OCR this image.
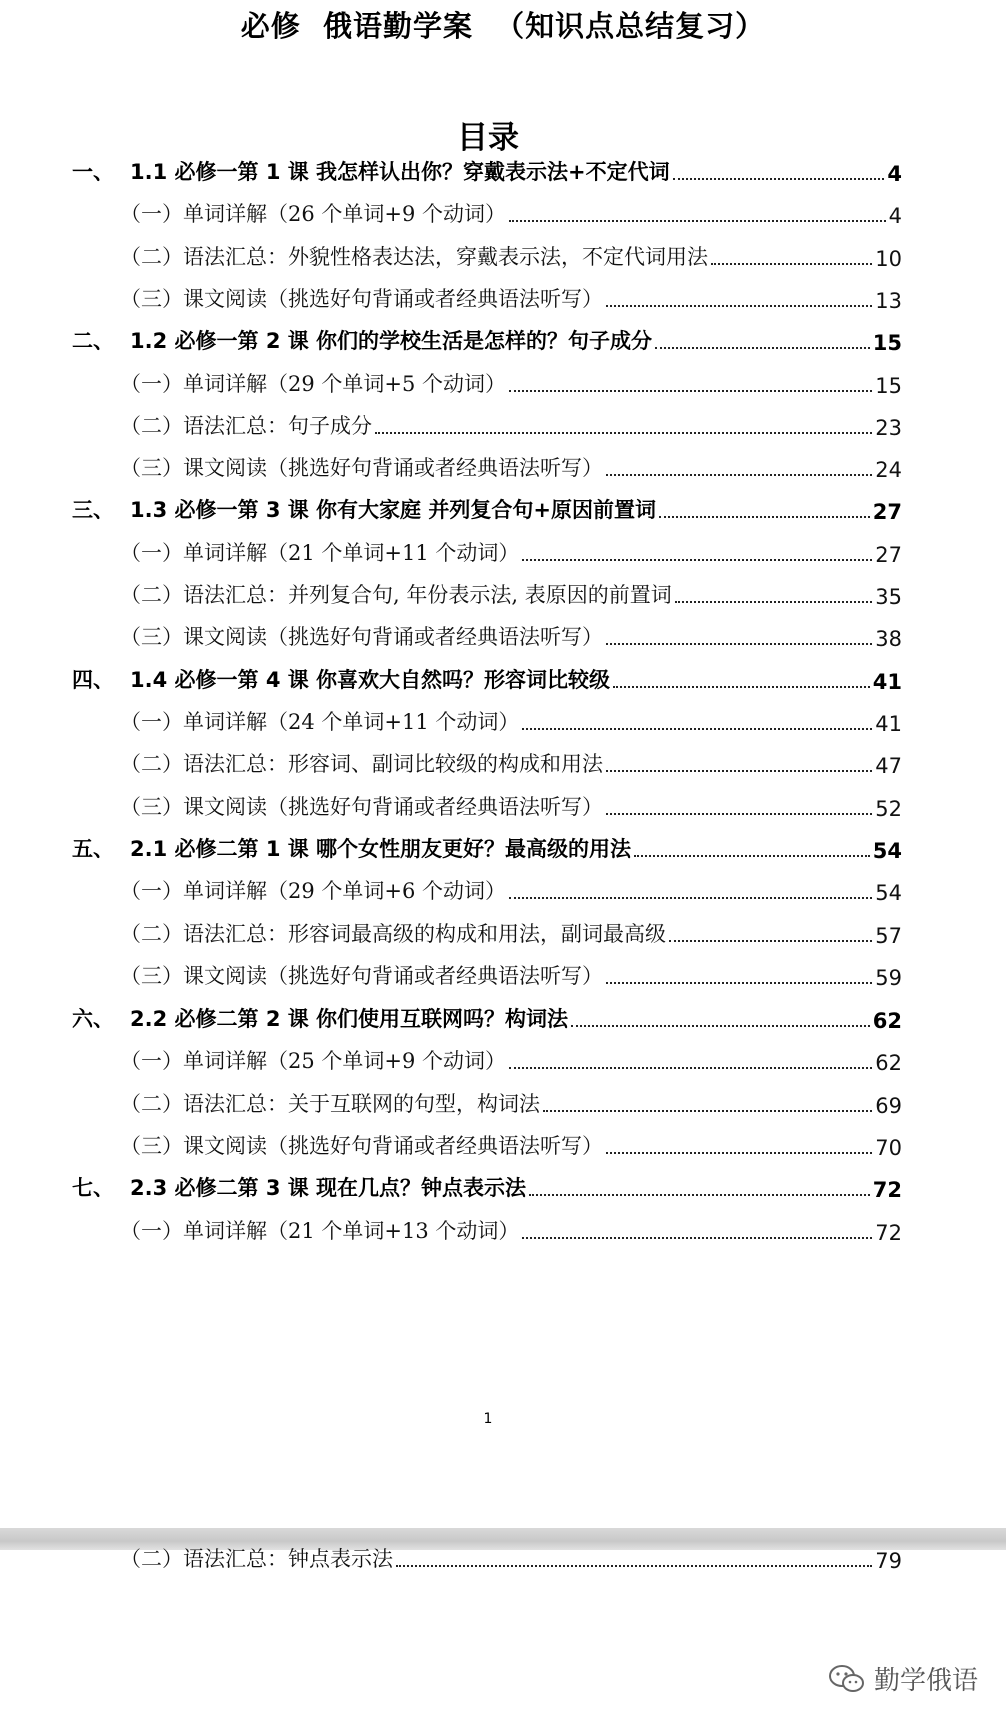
必修  俄语勤学案  （知识点总结复习）
目录
1
一、 1.1 必修一第 1 课 我怎样认出你？穿戴表示法+不定代词	4
（一） 单词详解（26 个单词+9 个动词）	4
（二） 语法汇总：外貌性格表达法，穿戴表示法，不定代词用法	10
（三） 课文阅读（挑选好句背诵或者经典语法听写）	13
二、 1.2 必修一第 2 课 你们的学校生活是怎样的？句子成分	15
（一） 单词详解（29 个单词+5 个动词）	15
（二） 语法汇总：句子成分	23
（三） 课文阅读（挑选好句背诵或者经典语法听写）	24
三、 1.3 必修一第 3 课 你有大家庭 并列复合句+原因前置词	27
（一） 单词详解（21 个单词+11 个动词）	27
（二） 语法汇总：并列复合句, 年份表示法, 表原因的前置词	35
（三） 课文阅读（挑选好句背诵或者经典语法听写）	38
四、 1.4 必修一第 4 课 你喜欢大自然吗？形容词比较级	41
（一） 单词详解（24 个单词+11 个动词）	41
（二） 语法汇总：形容词、副词比较级的构成和用法	47
（三） 课文阅读（挑选好句背诵或者经典语法听写）	52
五、 2.1 必修二第 1 课 哪个女性朋友更好？最高级的用法	54
（一） 单词详解（29 个单词+6 个动词）	54
（二） 语法汇总：形容词最高级的构成和用法，副词最高级	57
（三） 课文阅读（挑选好句背诵或者经典语法听写）	59
六、 2.2 必修二第 2 课 你们使用互联网吗？构词法	62
（一） 单词详解（25 个单词+9 个动词）	62
（二） 语法汇总：关于互联网的句型，构词法	69
（三） 课文阅读（挑选好句背诵或者经典语法听写）	70
七、 2.3 必修二第 3 课 现在几点？钟点表示法	72
（一） 单词详解（21 个单词+13 个动词）	72
（二） 语法汇总：钟点表示法	79
勤学俄语
